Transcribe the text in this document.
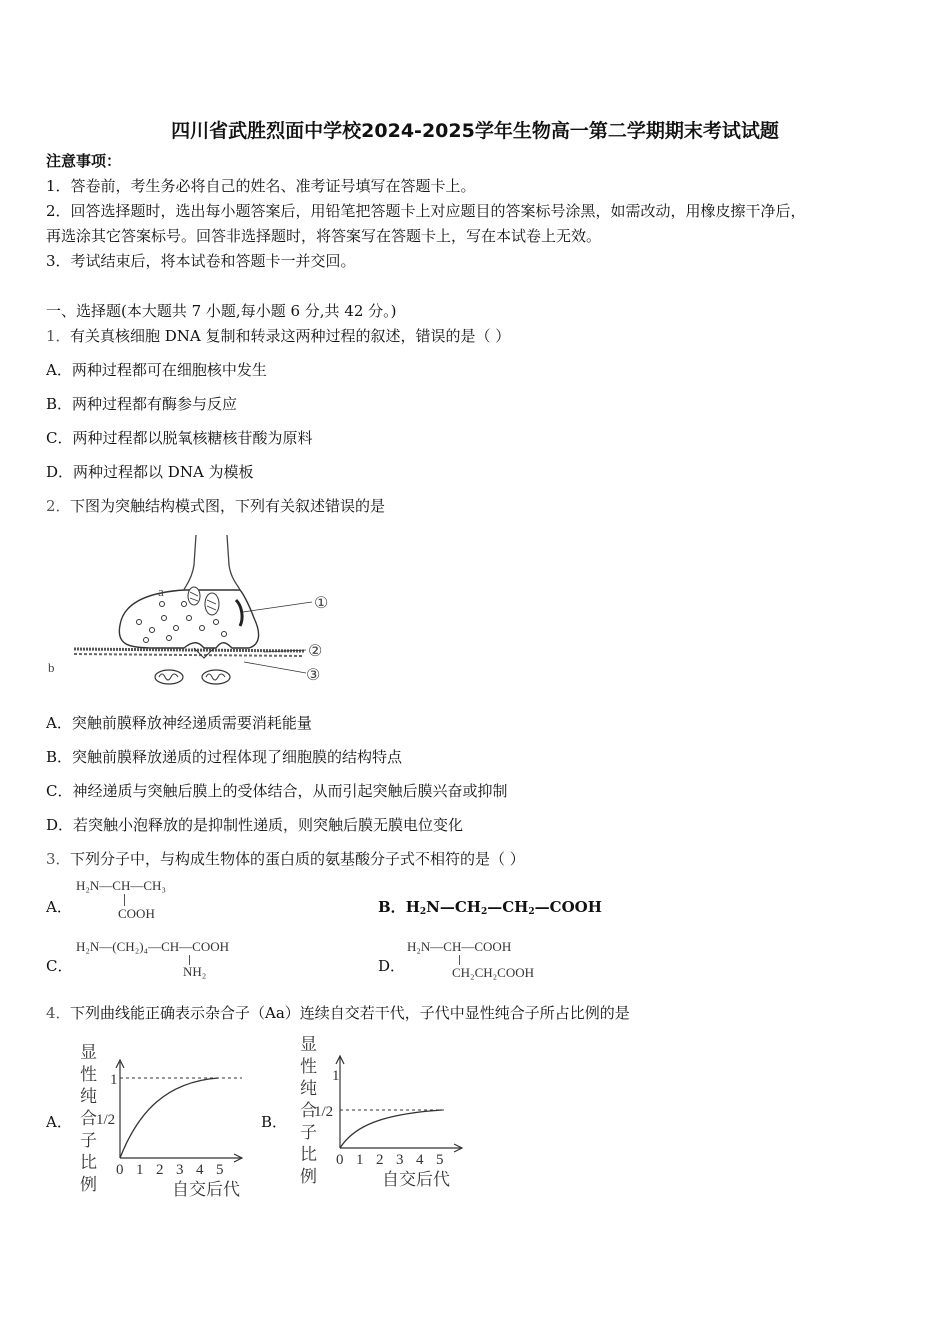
四川省武胜烈面中学校2024-2025学年生物高一第二学期期末考试试题
注意事项：
1．答卷前，考生务必将自己的姓名、准考证号填写在答题卡上。
2．回答选择题时，选出每小题答案后，用铅笔把答题卡上对应题目的答案标号涂黑，如需改动，用橡皮擦干净后，
再选涂其它答案标号。回答非选择题时，将答案写在答题卡上，写在本试卷上无效。
3．考试结束后，将本试卷和答题卡一并交回。
一、选择题(本大题共 7 小题,每小题 6 分,共 42 分。)
1． 有关真核细胞 DNA 复制和转录这两种过程的叙述，错误的是（ ）
A．两种过程都可在细胞核中发生
B．两种过程都有酶参与反应
C．两种过程都以脱氧核糖核苷酸为原料
D．两种过程都以 DNA 为模板
2． 下图为突触结构模式图，下列有关叙述错误的是
a
b
①
②
③
A．突触前膜释放神经递质需要消耗能量
B．突触前膜释放递质的过程体现了细胞膜的结构特点
C．神经递质与突触后膜上的受体结合，从而引起突触后膜兴奋或抑制
D．若突触小泡释放的是抑制性递质，则突触后膜无膜电位变化
3． 下列分子中，与构成生物体的蛋白质的氨基酸分子式不相符的是（ ）
A．
H₂N—CH—CH₃
COOH	B．$H_2N—CH_2—CH_2—COOH$
C．
H₂N—(CH₂)₄—CH—COOH
NH₂	D．
H₂N—CH—COOH
CH₂CH₂COOH
4． 下列曲线能正确表示杂合子（Aa）连续自交若干代，子代中显性纯合子所占比例的是
A．
显
性
纯
合
子
比
例
1
1/2
0 1 2 3 4 5
自交后代
B．
显
性
纯
合
子
比
例
1
1/2
0 1 2 3 4 5
自交后代
